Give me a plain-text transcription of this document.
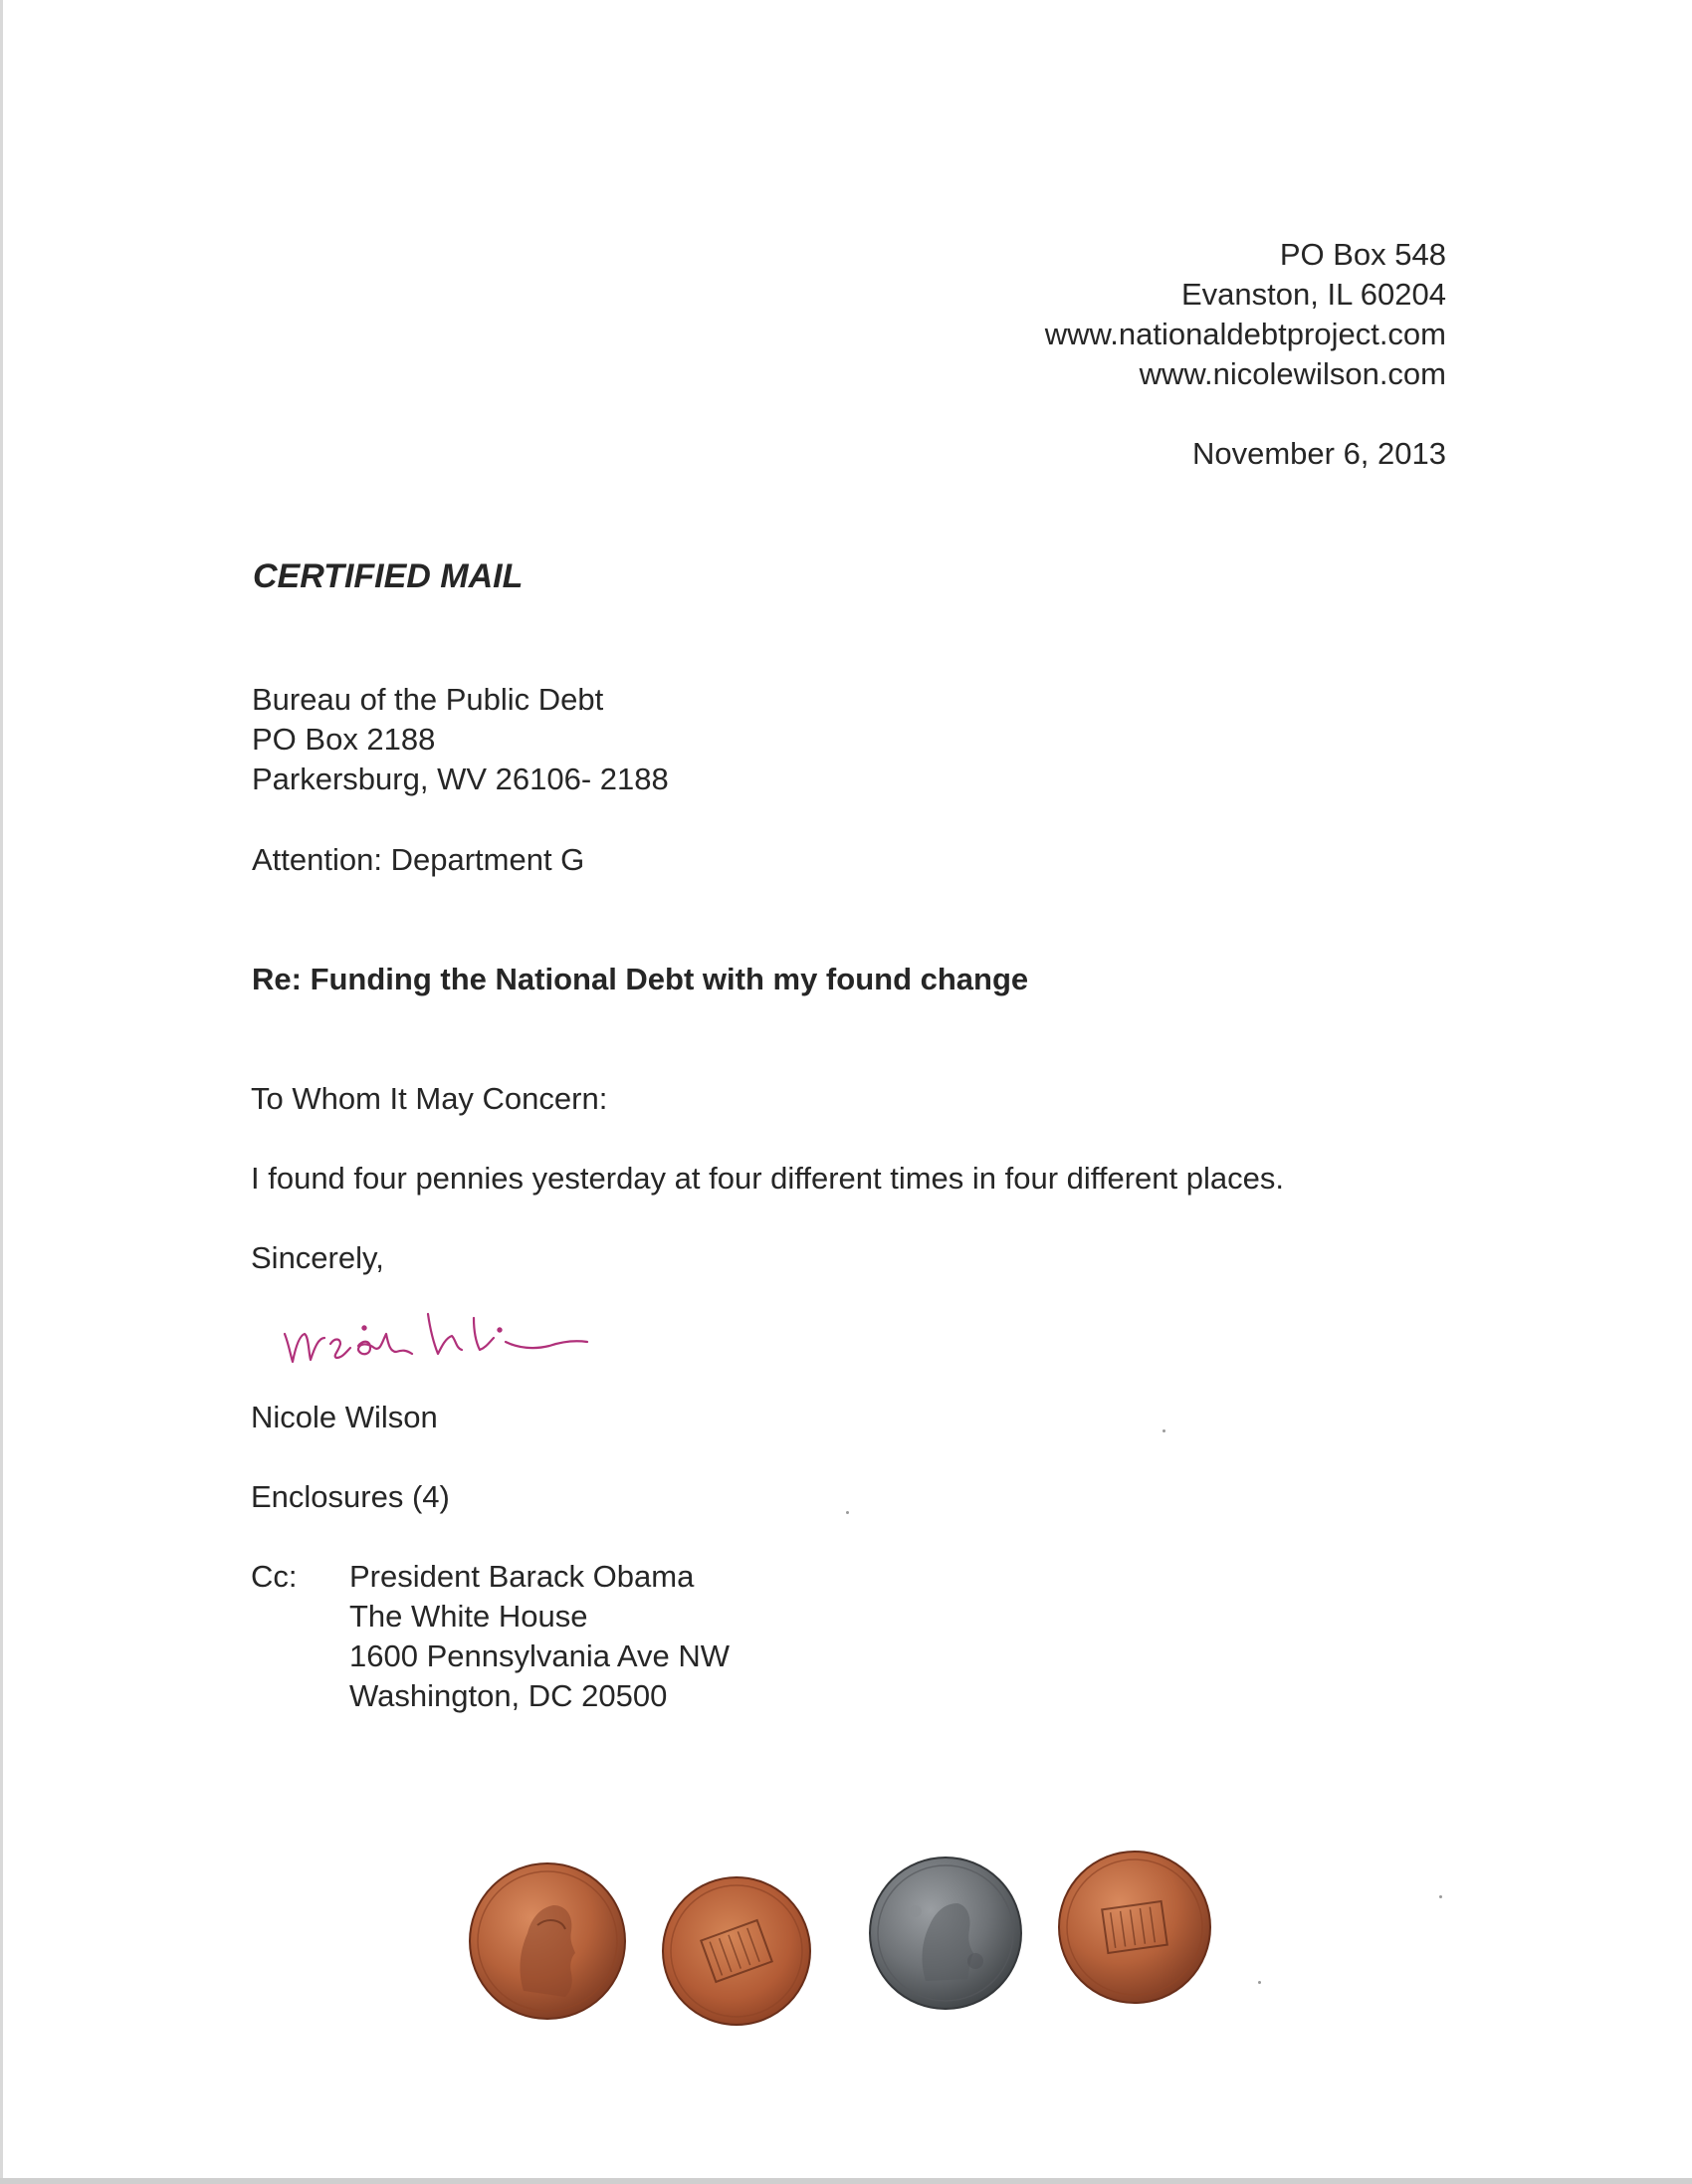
PO Box 548
Evanston, IL 60204
www.nationaldebtproject.com
www.nicolewilson.com
November 6, 2013
CERTIFIED MAIL
Bureau of the Public Debt
PO Box 2188
Parkersburg, WV 26106- 2188
Attention: Department G
Re: Funding the National Debt with my found change
To Whom It May Concern:
I found four pennies yesterday at four different times in four different places.
Sincerely,
Nicole Wilson
Enclosures (4)
Cc: President Barack Obama
The White House
1600 Pennsylvania Ave NW
Washington, DC 20500
